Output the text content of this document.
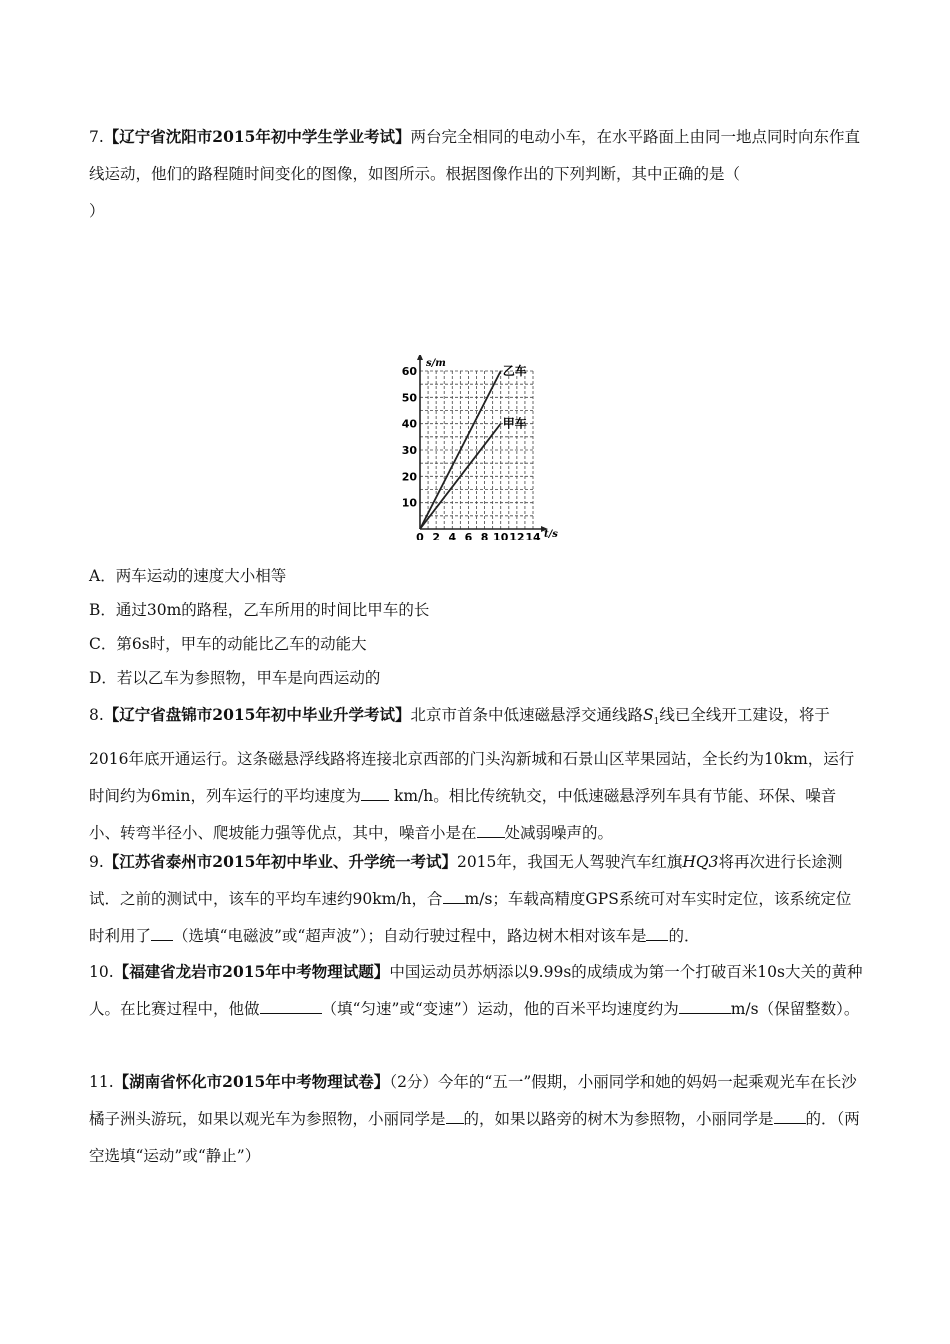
7.【辽宁省沈阳市2015年初中学生学业考试】两台完全相同的电动小车，在水平路面上由同一地点同时向东作直线运动，他们的路程随时间变化的图像，如图所示。根据图像作出的下列判断，其中正确的是（
）
0 2 4 6 8 10 12 14
10
20
30
40
50
60	乙车
甲车
s/m
t/s
A．两车运动的速度大小相等
B．通过30m的路程，乙车所用的时间比甲车的长
C．第6s时，甲车的动能比乙车的动能大
D．若以乙车为参照物，甲车是向西运动的
8.【辽宁省盘锦市2015年初中毕业升学考试】北京市首条中低速磁悬浮交通线路$S_1$线已全线开工建设，将于2016年底开通运行。这条磁悬浮线路将连接北京西部的门头沟新城和石景山区苹果园站，全长约为10km，运行时间约为6min，列车运行的平均速度为 km/h。相比传统轨交，中低速磁悬浮列车具有节能、环保、噪音小、转弯半径小、爬坡能力强等优点，其中，噪音小是在 处减弱噪声的。
9.【江苏省泰州市2015年初中毕业、升学统一考试】2015年，我国无人驾驶汽车红旗HQ3将再次进行长途测试．之前的测试中，该车的平均车速约90km/h，合 m/s；车载高精度GPS系统可对车实时定位，该系统定位时利用了 （选填“电磁波”或“超声波”）；自动行驶过程中，路边树木相对该车是 的．
10.【福建省龙岩市2015年中考物理试题】中国运动员苏炳添以9.99s的成绩成为第一个打破百米10s大关的黄种人。在比赛过程中，他做	（填“匀速”或“变速”）运动，他的百米平均速度约为	m/s（保留整数）。
11.【湖南省怀化市2015年中考物理试卷】（2分）今年的“五一”假期，小丽同学和她的妈妈一起乘观光车在长沙橘子洲头游玩，如果以观光车为参照物，小丽同学是 的，如果以路旁的树木为参照物，小丽同学是 的．（两空选填“运动”或“静止”）
